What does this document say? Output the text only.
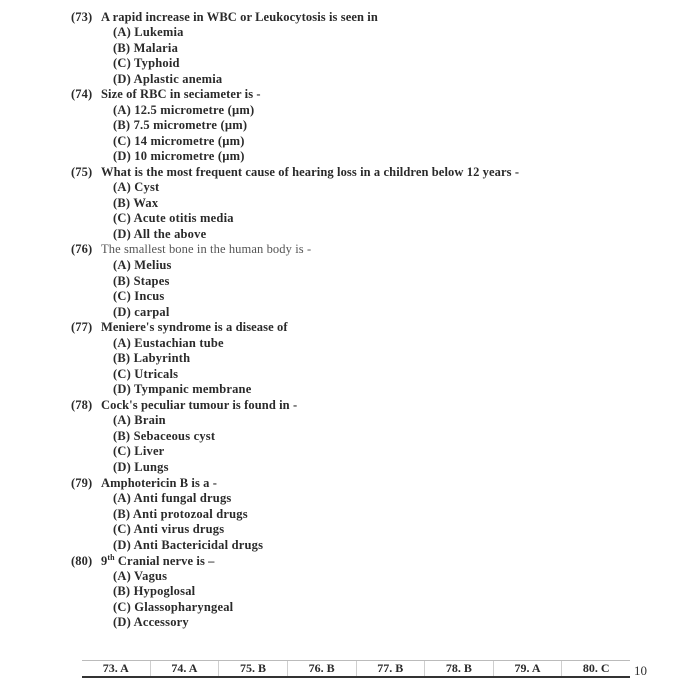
(73) A rapid increase in WBC or Leukocytosis is seen in
(A) Lukemia
(B) Malaria
(C) Typhoid
(D) Aplastic anemia
(74) Size of RBC in seciameter is -
(A) 12.5 micrometre (µm)
(B) 7.5 micrometre (µm)
(C) 14 micrometre (µm)
(D) 10 micrometre (µm)
(75) What is the most frequent cause of hearing loss in a children below 12 years -
(A) Cyst
(B) Wax
(C) Acute otitis media
(D) All the above
(76) The smallest bone in the human body is -
(A) Melius
(B) Stapes
(C) Incus
(D) carpal
(77) Meniere's syndrome is a disease of
(A) Eustachian tube
(B) Labyrinth
(C) Utricals
(D) Tympanic membrane
(78) Cock's peculiar tumour is found in -
(A) Brain
(B) Sebaceous cyst
(C) Liver
(D) Lungs
(79) Amphotericin B is a -
(A) Anti fungal drugs
(B) Anti protozoal drugs
(C) Anti virus drugs
(D) Anti Bactericidal drugs
(80) 9th Cranial nerve is –
(A) Vagus
(B) Hypoglosal
(C) Glassopharyngeal
(D) Accessory
73. A	74. A	75. B	76. B	77. B	78. B	79. A	80. C	10
